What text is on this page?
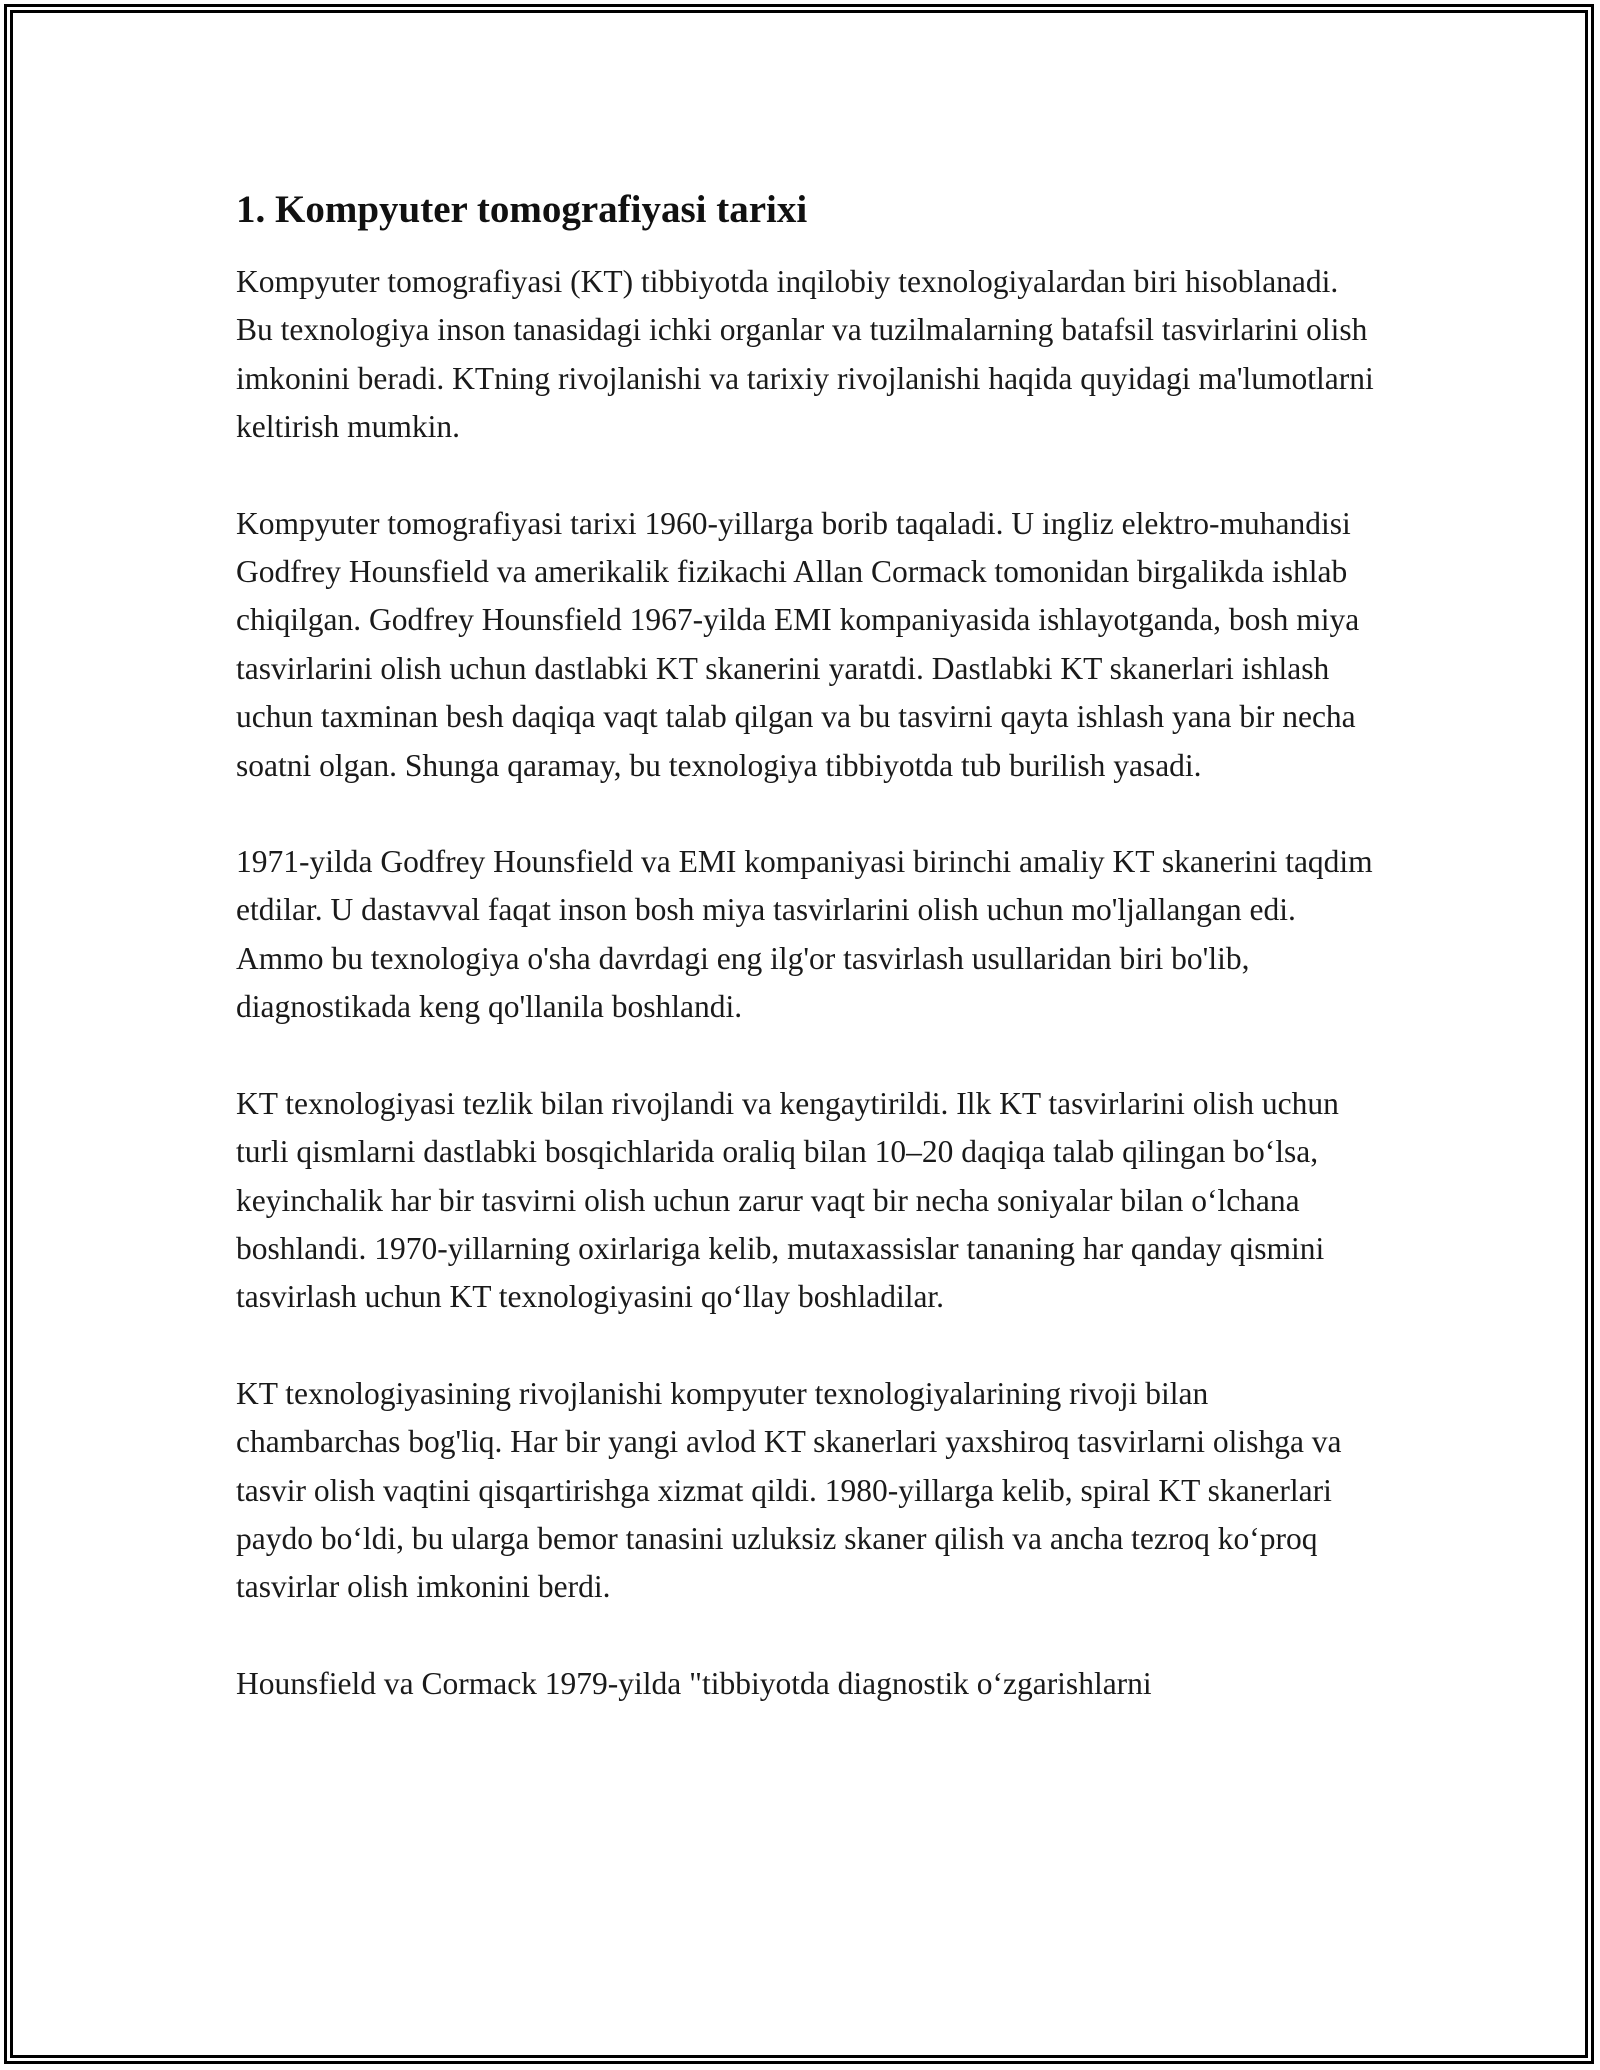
1. Kompyuter tomografiyasi tarixi

Kompyuter tomografiyasi (KT) tibbiyotda inqilobiy texnologiyalardan biri hisoblanadi. Bu texnologiya inson tanasidagi ichki organlar va tuzilmalarning batafsil tasvirlarini olish imkonini beradi. KTning rivojlanishi va tarixiy rivojlanishi haqida quyidagi ma'lumotlarni keltirish mumkin.

Kompyuter tomografiyasi tarixi 1960-yillarga borib taqaladi. U ingliz elektro-muhandisi Godfrey Hounsfield va amerikalik fizikachi Allan Cormack tomonidan birgalikda ishlab chiqilgan. Godfrey Hounsfield 1967-yilda EMI kompaniyasida ishlayotganda, bosh miya tasvirlarini olish uchun dastlabki KT skanerini yaratdi. Dastlabki KT skanerlari ishlash uchun taxminan besh daqiqa vaqt talab qilgan va bu tasvirni qayta ishlash yana bir necha soatni olgan. Shunga qaramay, bu texnologiya tibbiyotda tub burilish yasadi.

1971-yilda Godfrey Hounsfield va EMI kompaniyasi birinchi amaliy KT skanerini taqdim etdilar. U dastavval faqat inson bosh miya tasvirlarini olish uchun mo'ljallangan edi. Ammo bu texnologiya o'sha davrdagi eng ilg'or tasvirlash usullaridan biri bo'lib, diagnostikada keng qo'llanila boshlandi.

KT texnologiyasi tezlik bilan rivojlandi va kengaytirildi. Ilk KT tasvirlarini olish uchun turli qismlarni dastlabki bosqichlarida oraliq bilan 10–20 daqiqa talab qilingan bo‘lsa, keyinchalik har bir tasvirni olish uchun zarur vaqt bir necha soniyalar bilan o‘lchana boshlandi. 1970-yillarning oxirlariga kelib, mutaxassislar tananing har qanday qismini tasvirlash uchun KT texnologiyasini qo‘llay boshladilar.

KT texnologiyasining rivojlanishi kompyuter texnologiyalarining rivoji bilan chambarchas bog'liq. Har bir yangi avlod KT skanerlari yaxshiroq tasvirlarni olishga va tasvir olish vaqtini qisqartirishga xizmat qildi. 1980-yillarga kelib, spiral KT skanerlari paydo bo‘ldi, bu ularga bemor tanasini uzluksiz skaner qilish va ancha tezroq ko‘proq tasvirlar olish imkonini berdi.

Hounsfield va Cormack 1979-yilda "tibbiyotda diagnostik o‘zgarishlarni
